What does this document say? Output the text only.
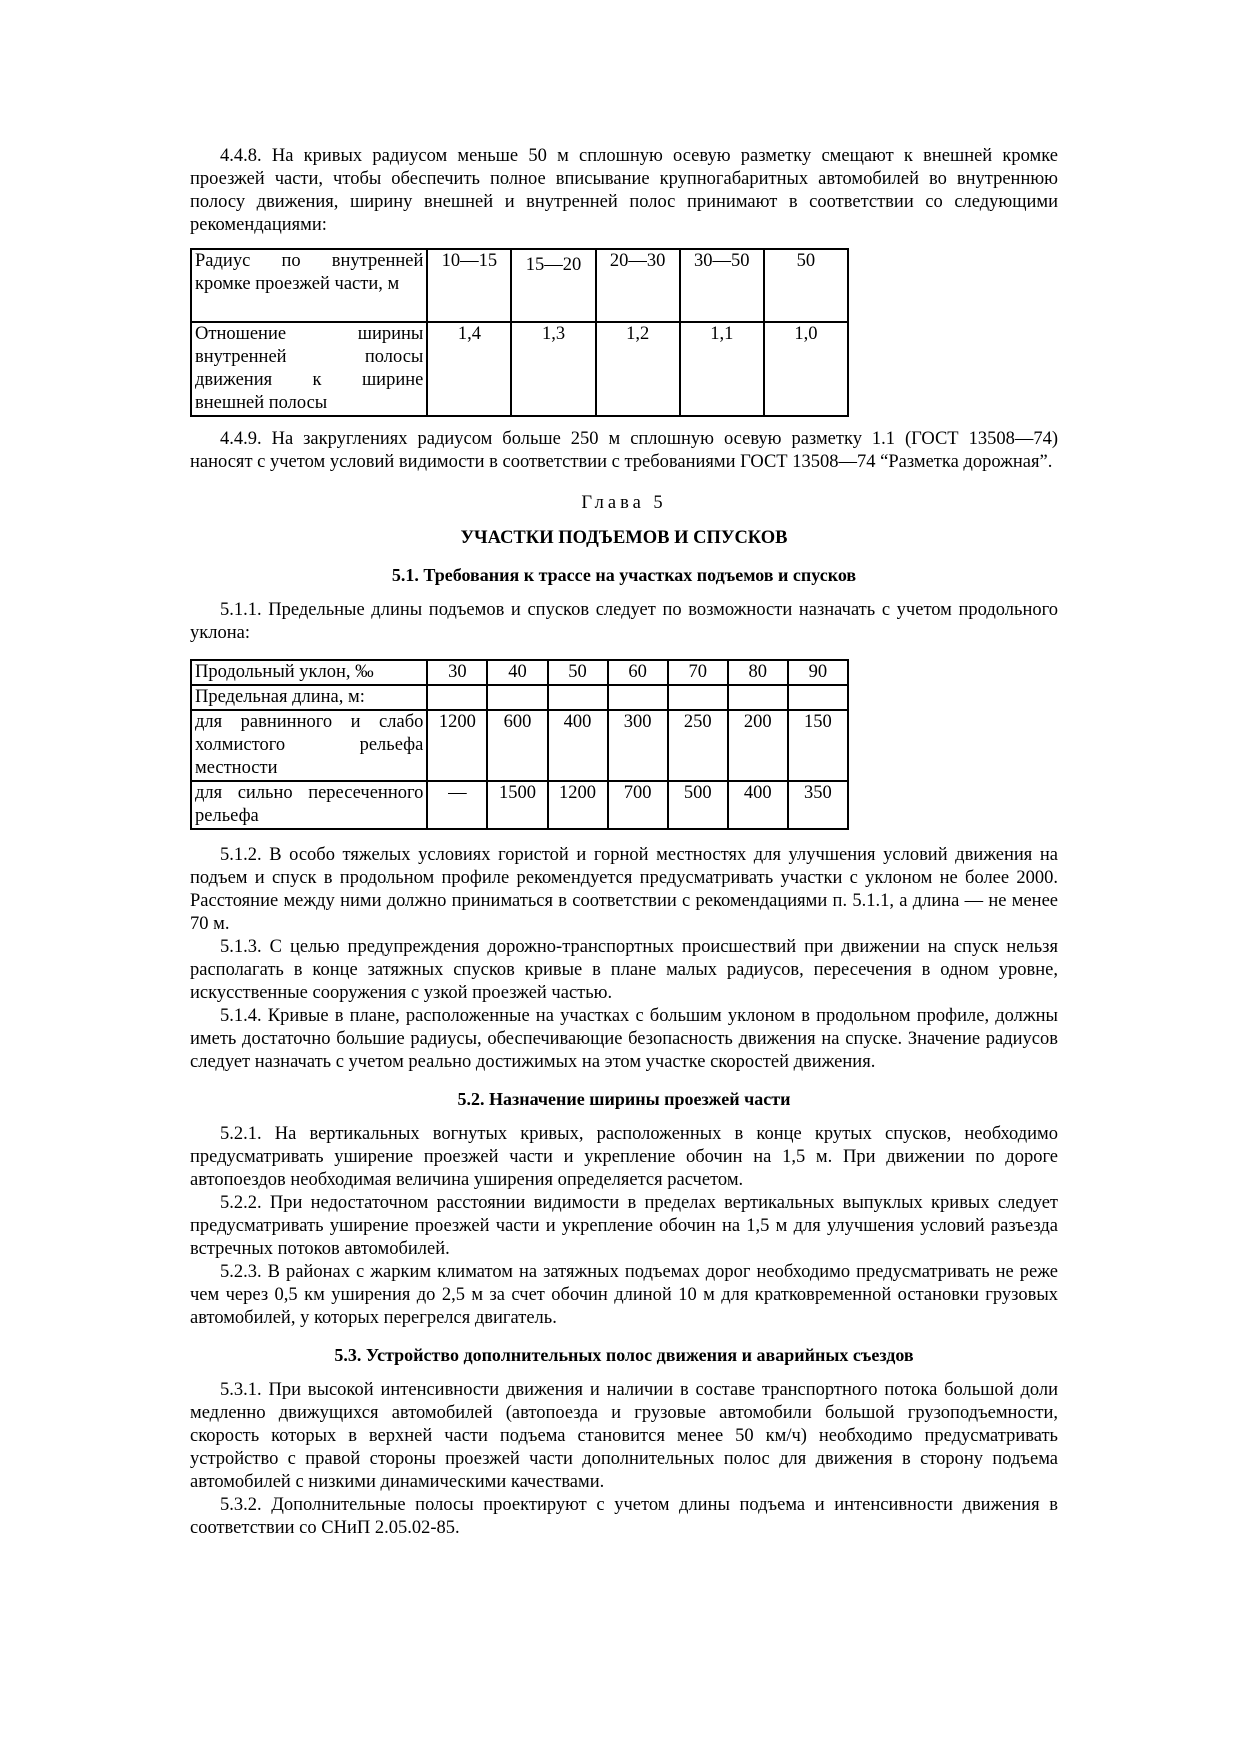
4.4.8. На кривых радиусом меньше 50 м сплошную осевую разметку смещают к внешней кромке проезжей части, чтобы обеспечить полное вписывание крупногабаритных автомобилей во внутреннюю полосу движения, ширину внешней и внутренней полос принимают в соответствии со следующими рекомендациями:

Радиус по внутренней кромке проезжей части, м	10—15	15—20	20—30	30—50	50
Отношение ширины внутренней полосы движения к ширине внешней полосы	1,4	1,3	1,2	1,1	1,0

4.4.9. На закруглениях радиусом больше 250 м сплошную осевую разметку 1.1 (ГОСТ 13508—74) наносят с учетом условий видимости в соответствии с требованиями ГОСТ 13508—74 “Разметка дорожная”.

Глава 5
УЧАСТКИ ПОДЪЕМОВ И СПУСКОВ
5.1. Требования к трассе на участках подъемов и спусков

5.1.1. Предельные длины подъемов и спусков следует по возможности назначать с учетом продольного уклона:

Продольный уклон, ‰	30	40	50	60	70	80	90
Предельная длина, м:							
для равнинного и слабо холмистого рельефа местности	1200	600	400	300	250	200	150
для сильно пересеченного рельефа	—	1500	1200	700	500	400	350

5.1.2. В особо тяжелых условиях гористой и горной местностях для улучшения условий движения на подъем и спуск в продольном профиле рекомендуется предусматривать участки с уклоном не более 2000. Расстояние между ними должно приниматься в соответствии с рекомендациями п. 5.1.1, а длина — не менее 70 м.

5.1.3. С целью предупреждения дорожно-транспортных происшествий при движении на спуск нельзя располагать в конце затяжных спусков кривые в плане малых радиусов, пересечения в одном уровне, искусственные сооружения с узкой проезжей частью.

5.1.4. Кривые в плане, расположенные на участках с большим уклоном в продольном профиле, должны иметь достаточно большие радиусы, обеспечивающие безопасность движения на спуске. Значение радиусов следует назначать с учетом реально достижимых на этом участке скоростей движения.

5.2. Назначение ширины проезжей части

5.2.1. На вертикальных вогнутых кривых, расположенных в конце крутых спусков, необходимо предусматривать уширение проезжей части и укрепление обочин на 1,5 м. При движении по дороге автопоездов необходимая величина уширения определяется расчетом.

5.2.2. При недостаточном расстоянии видимости в пределах вертикальных выпуклых кривых следует предусматривать уширение проезжей части и укрепление обочин на 1,5 м для улучшения условий разъезда встречных потоков автомобилей.

5.2.3. В районах с жарким климатом на затяжных подъемах дорог необходимо предусматривать не реже чем через 0,5 км уширения до 2,5 м за счет обочин длиной 10 м для кратковременной остановки грузовых автомобилей, у которых перегрелся двигатель.

5.3. Устройство дополнительных полос движения и аварийных съездов

5.3.1. При высокой интенсивности движения и наличии в составе транспортного потока большой доли медленно движущихся автомобилей (автопоезда и грузовые автомобили большой грузоподъемности, скорость которых в верхней части подъема становится менее 50 км/ч) необходимо предусматривать устройство с правой стороны проезжей части дополнительных полос для движения в сторону подъема автомобилей с низкими динамическими качествами.

5.3.2. Дополнительные полосы проектируют с учетом длины подъема и интенсивности движения в соответствии со СНиП 2.05.02-85.
